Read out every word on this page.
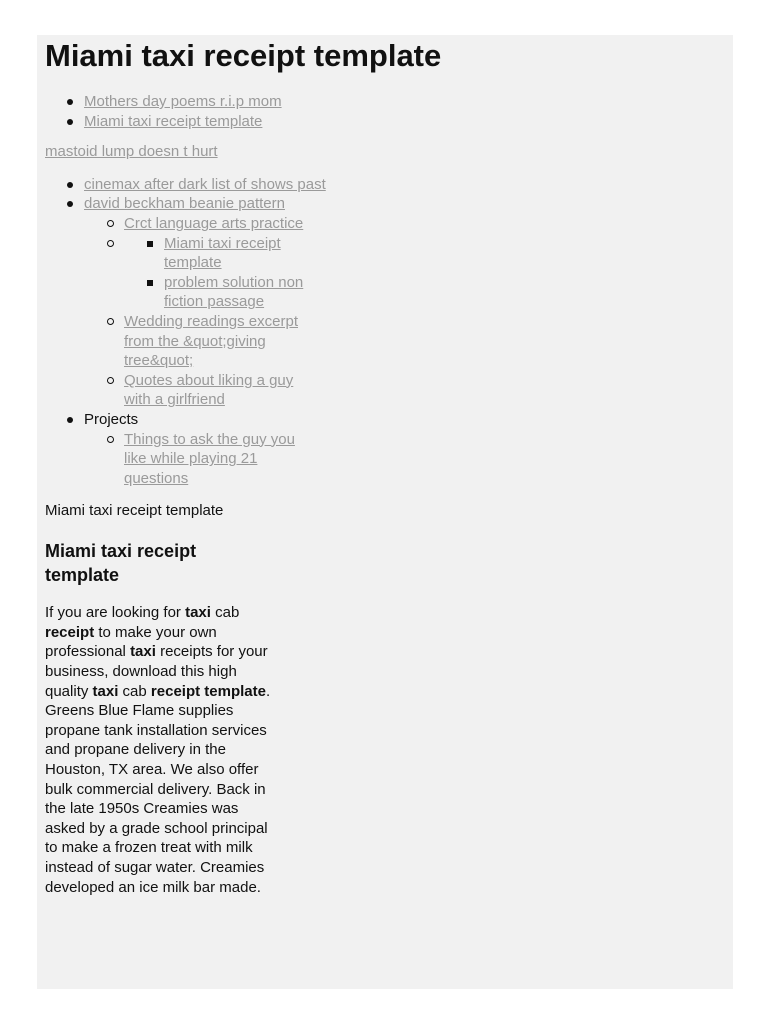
Miami taxi receipt template
Mothers day poems r.i.p mom
Miami taxi receipt template
mastoid lump doesn t hurt
cinemax after dark list of shows past
david beckham beanie pattern
Crct language arts practice
Miami taxi receipt template
problem solution non fiction passage
Wedding readings excerpt from the &quot;giving tree&quot;
Quotes about liking a guy with a girlfriend
Projects
Things to ask the guy you like while playing 21 questions
Miami taxi receipt template
Miami taxi receipt template

If you are looking for taxi cab receipt to make your own professional taxi receipts for your business, download this high quality taxi cab receipt template. Greens Blue Flame supplies propane tank installation services and propane delivery in the Houston, TX area. We also offer bulk commercial delivery. Back in the late 1950s Creamies was asked by a grade school principal to make a frozen treat with milk instead of sugar water. Creamies developed an ice milk bar made.
